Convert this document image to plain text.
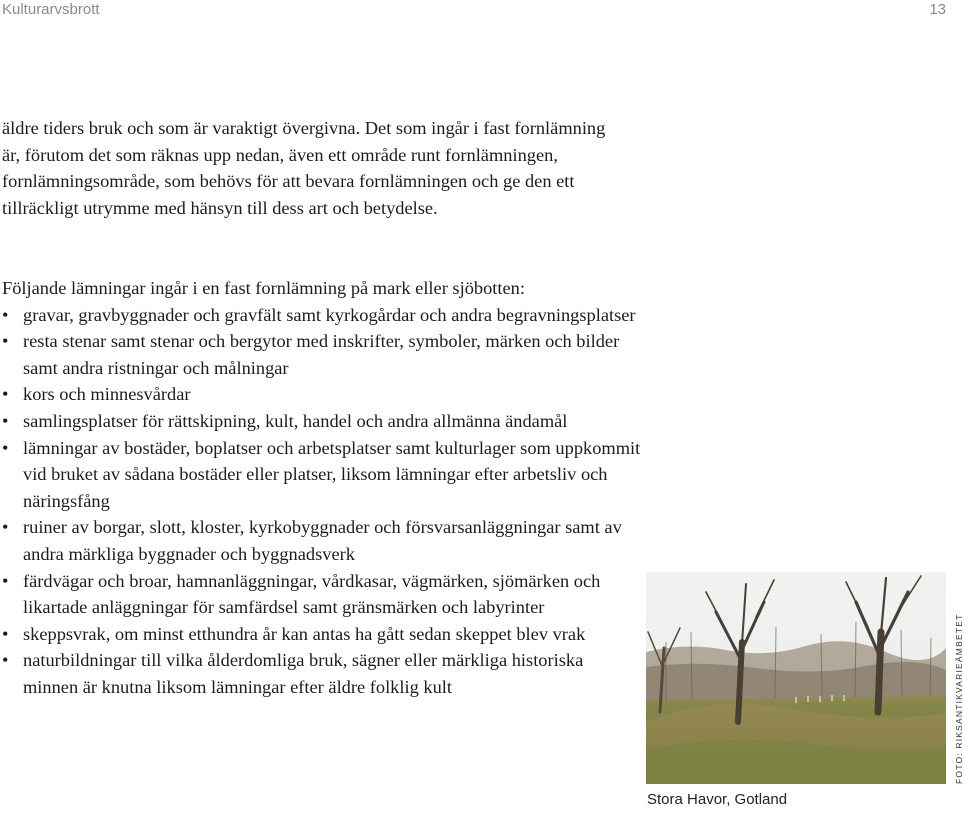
Kulturarvsbrott	13

äldre tiders bruk och som är varaktigt övergivna. Det som ingår i fast fornlämning är, förutom det som räknas upp nedan, även ett område runt fornlämningen, fornlämningsområde, som behövs för att bevara fornlämningen och ge den ett tillräckligt utrymme med hänsyn till dess art och betydelse.

Följande lämningar ingår i en fast fornlämning på mark eller sjöbotten:

• gravar, gravbyggnader och gravfält samt kyrkogårdar och andra begravningsplatser
• resta stenar samt stenar och bergytor med inskrifter, symboler, märken och bilder samt andra ristningar och målningar
• kors och minnesvårdar
• samlingsplatser för rättskipning, kult, handel och andra allmänna ändamål
• lämningar av bostäder, boplatser och arbetsplatser samt kulturlager som uppkommit vid bruket av sådana bostäder eller platser, liksom lämningar efter arbetsliv och näringsfång
• ruiner av borgar, slott, kloster, kyrkobyggnader och försvarsanläggningar samt av andra märkliga byggnader och byggnadsverk
• färdvägar och broar, hamnanläggningar, vårdkasar, vägmärken, sjömärken och likartade anläggningar för samfärdsel samt gränsmärken och labyrinter
• skeppsvrak, om minst etthundra år kan antas ha gått sedan skeppet blev vrak
• naturbildningar till vilka ålderdomliga bruk, sägner eller märkliga historiska minnen är knutna liksom lämningar efter äldre folklig kult
Stora Havor, Gotland
FOTO: RIKSANTIKVARIEÄMBETET
